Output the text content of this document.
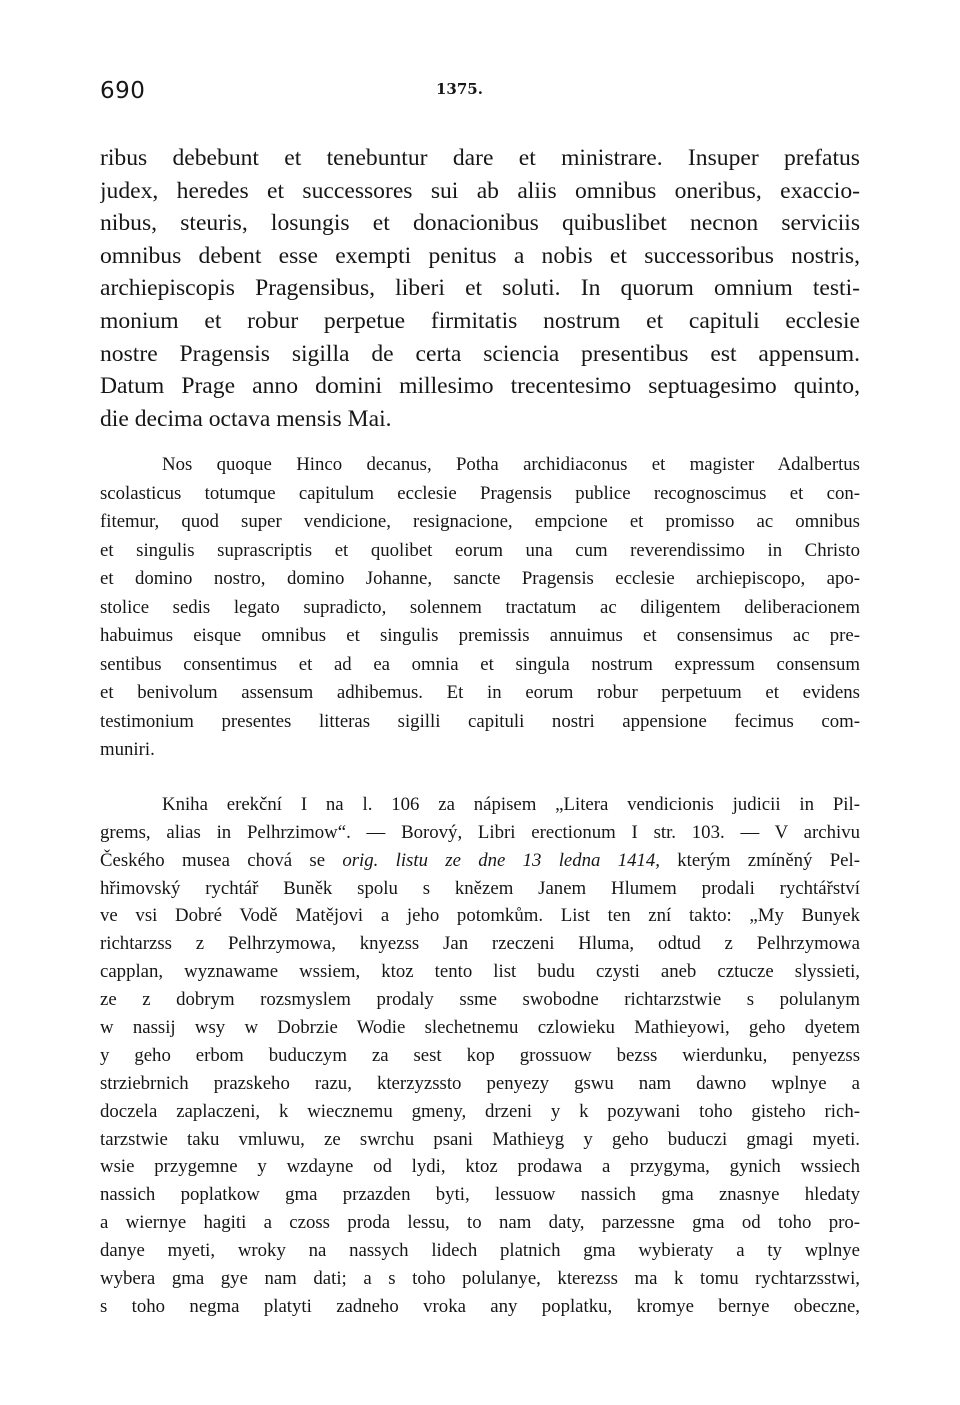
690	1375.
ribus debebunt et tenebuntur dare et ministrare. Insuper prefatus
judex, heredes et successores sui ab aliis omnibus oneribus, exaccio-
nibus, steuris, losungis et donacionibus quibuslibet necnon serviciis
omnibus debent esse exempti penitus a nobis et successoribus nostris,
archiepiscopis Pragensibus, liberi et soluti. In quorum omnium testi-
monium et robur perpetue firmitatis nostrum et capituli ecclesie
nostre Pragensis sigilla de certa sciencia presentibus est appensum.
Datum Prage anno domini millesimo trecentesimo septuagesimo quinto,
die decima octava mensis Mai.
Nos quoque Hinco decanus, Potha archidiaconus et magister Adalbertus
scolasticus totumque capitulum ecclesie Pragensis publice recognoscimus et con-
fitemur, quod super vendicione, resignacione, empcione et promisso ac omnibus
et singulis suprascriptis et quolibet eorum una cum reverendissimo in Christo
et domino nostro, domino Johanne, sancte Pragensis ecclesie archiepiscopo, apo-
stolice sedis legato supradicto, solennem tractatum ac diligentem deliberacionem
habuimus eisque omnibus et singulis premissis annuimus et consensimus ac pre-
sentibus consentimus et ad ea omnia et singula nostrum expressum consensum
et benivolum assensum adhibemus. Et in eorum robur perpetuum et evidens
testimonium presentes litteras sigilli capituli nostri appensione fecimus com-
muniri.
Kniha erekční I na l. 106 za nápisem „Litera vendicionis judicii in Pil-
grems, alias in Pelhrzimow“. — Borový, Libri erectionum I str. 103. — V archivu
Českého musea chová se orig. listu ze dne 13 ledna 1414, kterým zmíněný Pel-
hřimovský rychtář Buněk spolu s knězem Janem Hlumem prodali rychtářství
ve vsi Dobré Vodě Matějovi a jeho potomkům. List ten zní takto: „My Bunyek
richtarzss z Pelhrzymowa, knyezss Jan rzeczeni Hluma, odtud z Pelhrzymowa
capplan, wyznawame wssiem, ktoz tento list budu czysti aneb cztucze slyssieti,
ze z dobrym rozsmyslem prodaly ssme swobodne richtarzstwie s polulanym
w nassij wsy w Dobrzie Wodie slechetnemu czlowieku Mathieyowi, geho dyetem
y geho erbom buduczym za sest kop grossuow bezss wierdunku, penyezss
strziebrnich prazskeho razu, kterzyzssto penyezy gswu nam dawno wplnye a
doczela zaplaczeni, k wiecznemu gmeny, drzeni y k pozywani toho gisteho rich-
tarzstwie taku vmluwu, ze swrchu psani Mathieyg y geho buduczi gmagi myeti.
wsie przygemne y wzdayne od lydi, ktoz prodawa a przygyma, gynich wssiech
nassich poplatkow gma przazden byti, lessuow nassich gma znasnye hledaty
a wiernye hagiti a czoss proda lessu, to nam daty, parzessne gma od toho pro-
danye myeti, wroky na nassych lidech platnich gma wybieraty a ty wplnye
wybera gma gye nam dati; a s toho polulanye, kterezss ma k tomu rychtarzsstwi,
s toho negma platyti zadneho vroka any poplatku, kromye bernye obeczne,
